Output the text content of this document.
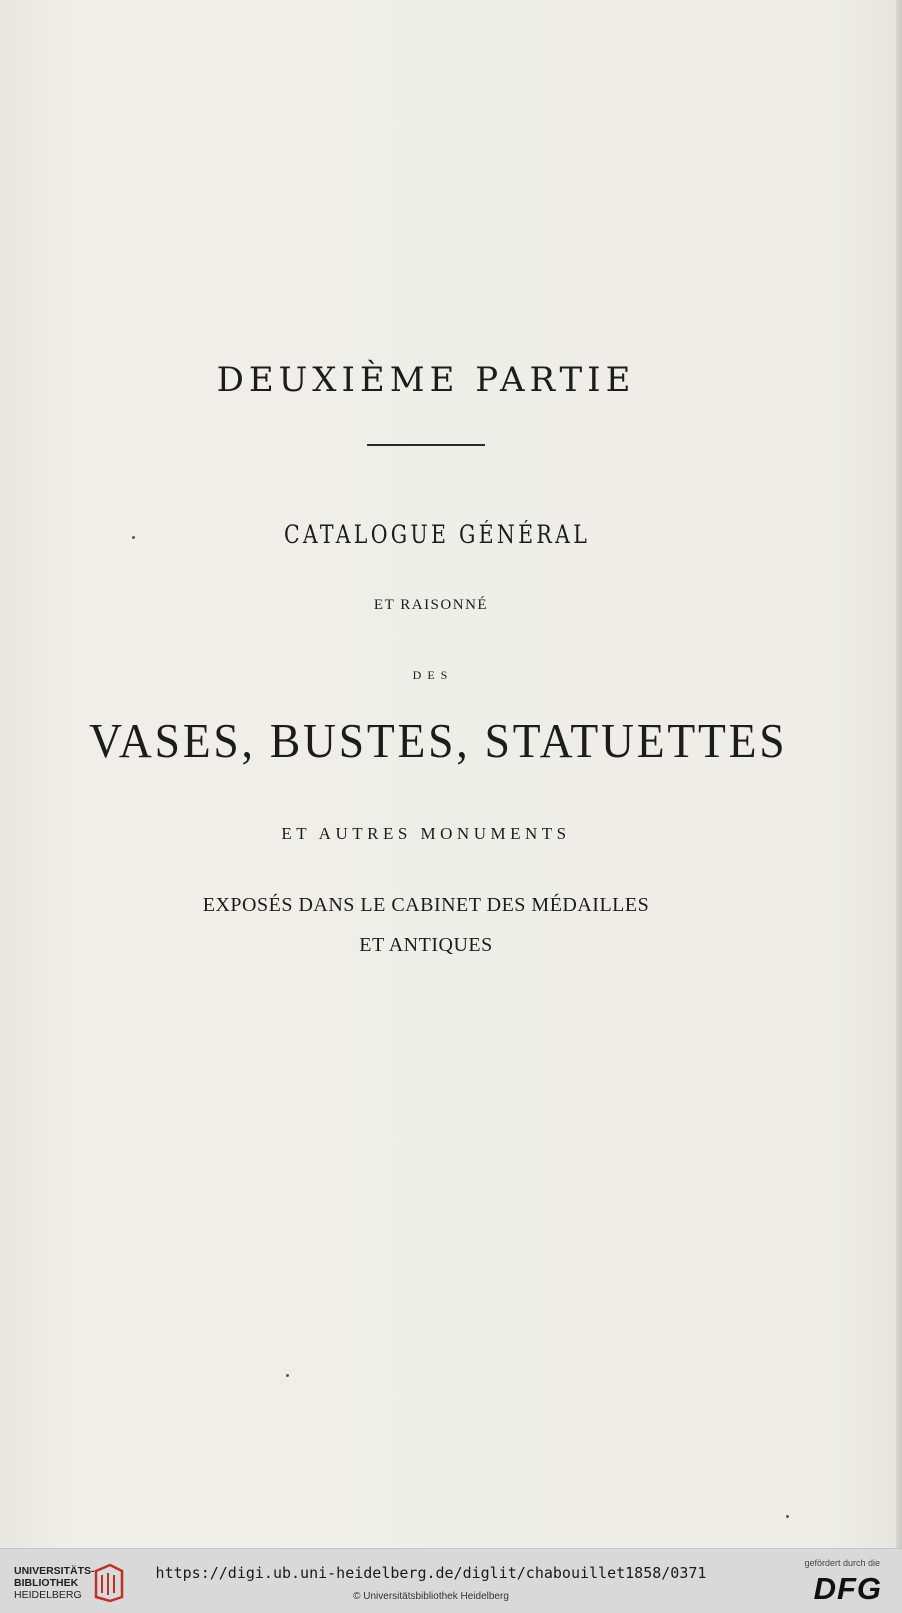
DEUXIÈME PARTIE
CATALOGUE GÉNÉRAL
ET RAISONNÉ
DES
VASES, BUSTES, STATUETTES
ET AUTRES MONUMENTS
EXPOSÉS DANS LE CABINET DES MÉDAILLES
ET ANTIQUES
UNIVERSITÄTS-
BIBLIOTHEK
HEIDELBERG
https://digi.ub.uni-heidelberg.de/diglit/chabouillet1858/0371
© Universitätsbibliothek Heidelberg
gefördert durch die
DFG
